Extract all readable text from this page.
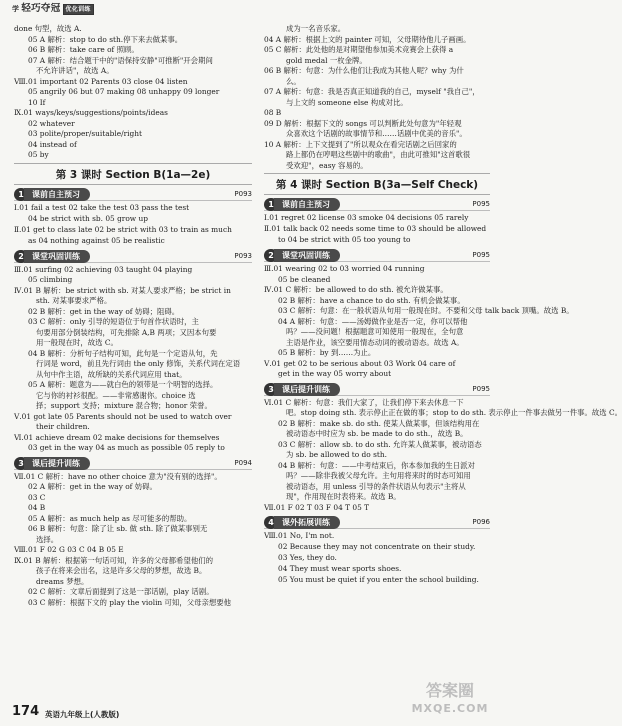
学 轻巧夺冠 优化训练
done 句型，故选 A.
05 A 解析：stop to do sth.停下来去做某事。
06 B 解析：take care of 照顾。
07 A 解析：结合题干中的"语保持安静"可推断"开会期间
不允许讲话"，故选 A。
Ⅷ.01 important 02 Parents 03 close 04 listen
05 angrily 06 but 07 making 08 unhappy 09 longer
10 If
Ⅸ.01 ways/keys/suggestions/points/ideas
02 whatever
03 polite/proper/suitable/right
04 instead of
05 by
第 3 课时 Section B(1a—2e)
1	课前自主预习	P093
Ⅰ.01 fail a test 02 take the test 03 pass the test
04 be strict with sb. 05 grow up
Ⅱ.01 get to class late 02 be strict with 03 to train as much
as 04 nothing against 05 be realistic
2	课堂巩固训练	P093
Ⅲ.01 surfing 02 achieving 03 taught 04 playing
05 climbing
Ⅳ.01 B 解析：be strict with sb. 对某人要求严格；be strict in
sth. 对某事要求严格。
02 B 解析：get in the way of 妨碍；阻碍。
03 C 解析：only 引导的短语位于句首作状语时，主
句要用部分倒装结构，可先排除 A,B 两项；又因本句要
用一般现在时，故选 C。
04 B 解析：分析句子结构可知，此句是一个定语从句，先
行词是 word，前且先行词由 the only 修饰，关系代词在定语
从句中作主语，故所缺的关系代词应用 that。
05 A 解析：题意为——就白色的领带是一个明智的选择。
它与你的衬衫很配。——非常感谢你。choice 选
择；support 支持；mixture 混合物；honor 荣誉。
Ⅴ.01 got late 05 Parents should not be used to watch over
their children.
Ⅵ.01 achieve dream 02 make decisions for themselves
03 get in the way 04 as much as possible 05 reply to
3	课后提升训练	P094
Ⅶ.01 C 解析：have no other choice 意为"没有别的选择"。
02 A 解析：get in the way of 妨碍。
03 C
04 B
05 A 解析：as much help as 尽可能多的帮助。
06 B 解析：句意：除了让 sb. 做 sth. 除了做某事别无
选择。
Ⅷ.01 F 02 G 03 C 04 B 05 E
Ⅸ.01 B 解析：根据第一句话可知，许多的父母都希望他们的
孩子在将来会出名，这是许多父母的梦想，故选 B。
dreams 梦想。
02 C 解析：文章后面提到了这是一部话剧，play 话剧。
03 C 解析：根据下文的 play the violin 可知，父母亲想要他
成为一名音乐家。
04 A 解析：根据上文的 painter 可知，父母期待他儿子画画。
05 C 解析：此处他的是对期望他参加美术竞赛会上获得 a
gold medal 一枚金牌。
06 B 解析：句意：为什么他们让我成为其他人呢？why 为什
么。
07 A 解析：句意：我是否真正知道我的自己，myself "我自己"，
与上文的 someone else 构成对比。
08 B
09 D 解析：根据下文的 songs 可以判断此处句意为"年轻观
众喜欢这个话剧的故事情节和……话剧中优美的音乐"。
10 A 解析：上下文提到了"所以观众在看完话剧之后回家的
路上都仍在哼唱这些剧中的歌曲"，由此可推知"这首歌很
受欢迎"，easy 容易的。
第 4 课时 Section B(3a—Self Check)
1	课前自主预习	P095
Ⅰ.01 regret 02 license 03 smoke 04 decisions 05 rarely
Ⅱ.01 talk back 02 needs some time to 03 should be allowed
to 04 be strict with 05 too young to
2	课堂巩固训练	P095
Ⅲ.01 wearing 02 to 03 worried 04 running
05 be cleaned
Ⅳ.01 C 解析：be allowed to do sth. 被允许做某事。
02 B 解析：have a chance to do sth. 有机会做某事。
03 C 解析：句意：在一般状语从句用一般现在时。不要和父母 talk back 顶嘴。故选 B。
04 A 解析：句意：——汤姆做作业是否一定，你可以帮他
吗？——没问题！根据题意可知使用一般现在，全句意
主语是作业，该空要用情态动词的被动语态。故选 A。
05 B 解析：by 到……为止。
Ⅴ.01 get 02 to be serious about 03 Work 04 care of
get in the way 05 worry about
3	课后提升训练	P095
Ⅵ.01 C 解析：句意：我们大家了，让我们停下来去休息一下
吧。stop doing sth. 表示停止正在做的事；stop to do sth. 表示停止一件事去做另一件事。故选 C。
02 B 解析：make sb. do sth. 使某人做某事，但该结构用在
被动语态中时应为 sb. be made to do sth.，故选 B。
03 C 解析：allow sb. to do sth. 允许某人做某事，被动语态
为 sb. be allowed to do sth.
04 B 解析：句意：——中考结束后，你本参加我的生日派对
吗？——除非我被父母允许。主句用将来时的时态可知用
被动语态，用 unless 引导的条件状语从句表示"主将从
现"，作用现在时表将来。故选 B。
Ⅶ.01 F 02 T 03 F 04 T 05 T
4	课外拓展训练	P096
Ⅷ.01 No, I'm not.
02 Because they may not concentrate on their study.
03 Yes, they do.
04 They must wear sports shoes.
05 You must be quiet if you enter the school building.
174 英语九年级上(人教版)
答案圈
MXQE.COM
